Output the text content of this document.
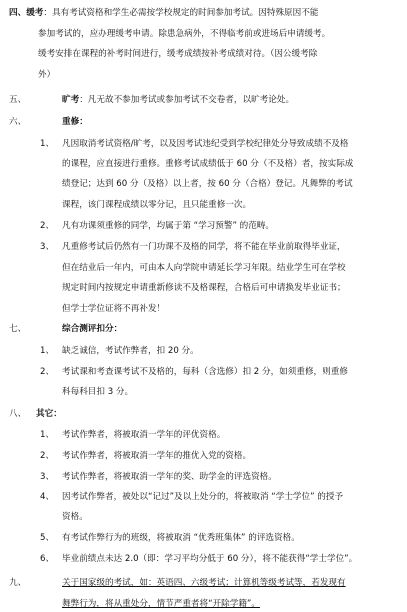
四、缓考：具有考试资格和学生必需按学校规定的时间参加考试。因特殊原因不能
参加考试的，应办理缓考申请。除患急病外，不得临考前或进场后申请缓考。
缓考安排在课程的补考时间进行，缓考成绩按补考成绩对待。（因公缓考除
外）
五、	旷考：凡无故不参加考试或参加考试不交卷者，以旷考论处。
六、	重修：
1、 凡因取消考试资格/旷考，以及因考试违纪受到学校纪律处分导致成绩不及格
的课程，应直接进行重修。重修考试成绩低于 60 分（不及格）者，按实际成
绩登记；达到 60 分（及格）以上者，按 60 分（合格）登记。凡舞弊的考试
课程，该门课程成绩以零分记，且只能重修一次。
2、 凡有功课须重修的同学，均属于第 “学习预警” 的范畴。
3、 凡重修考试后仍然有一门功课不及格的同学，将不能在毕业前取得毕业证，
但在结业后一年内，可由本人向学院申请延长学习年限。结业学生可在学校
规定时间内按规定申请重新修读不及格课程，合格后可申请换发毕业证书；
但学士学位证将不再补发！
七、	综合测评扣分：
1、 缺乏诚信，考试作弊者，扣 20 分。
2、 考试课和考查课考试不及格的，每科（含选修）扣 2 分，如须重修，则重修
科每科目扣 3 分。
八、 其它：
1、 考试作弊者，将被取消一学年的评优资格。
2、 考试作弊者，将被取消一学年的推优入党的资格。
3、 考试作弊者，将被取消一学年的奖、助学金的评选资格。
4、 因考试作弊者，被处以“记过”及以上处分的，将被取消 “学士学位” 的授予
资格。
5、 有考试作弊行为的班级，将被取消 “优秀班集体” 的评选资格。
6、 毕业前绩点未达 2.0（即：学习平均分低于 60 分），将不能获得“学士学位”。
九、	关于国家级的考试，如：英语四、六级考试；计算机等级考试等，若发现有
舞弊行为，将从重处分，情节严重者将“开除学籍”。
